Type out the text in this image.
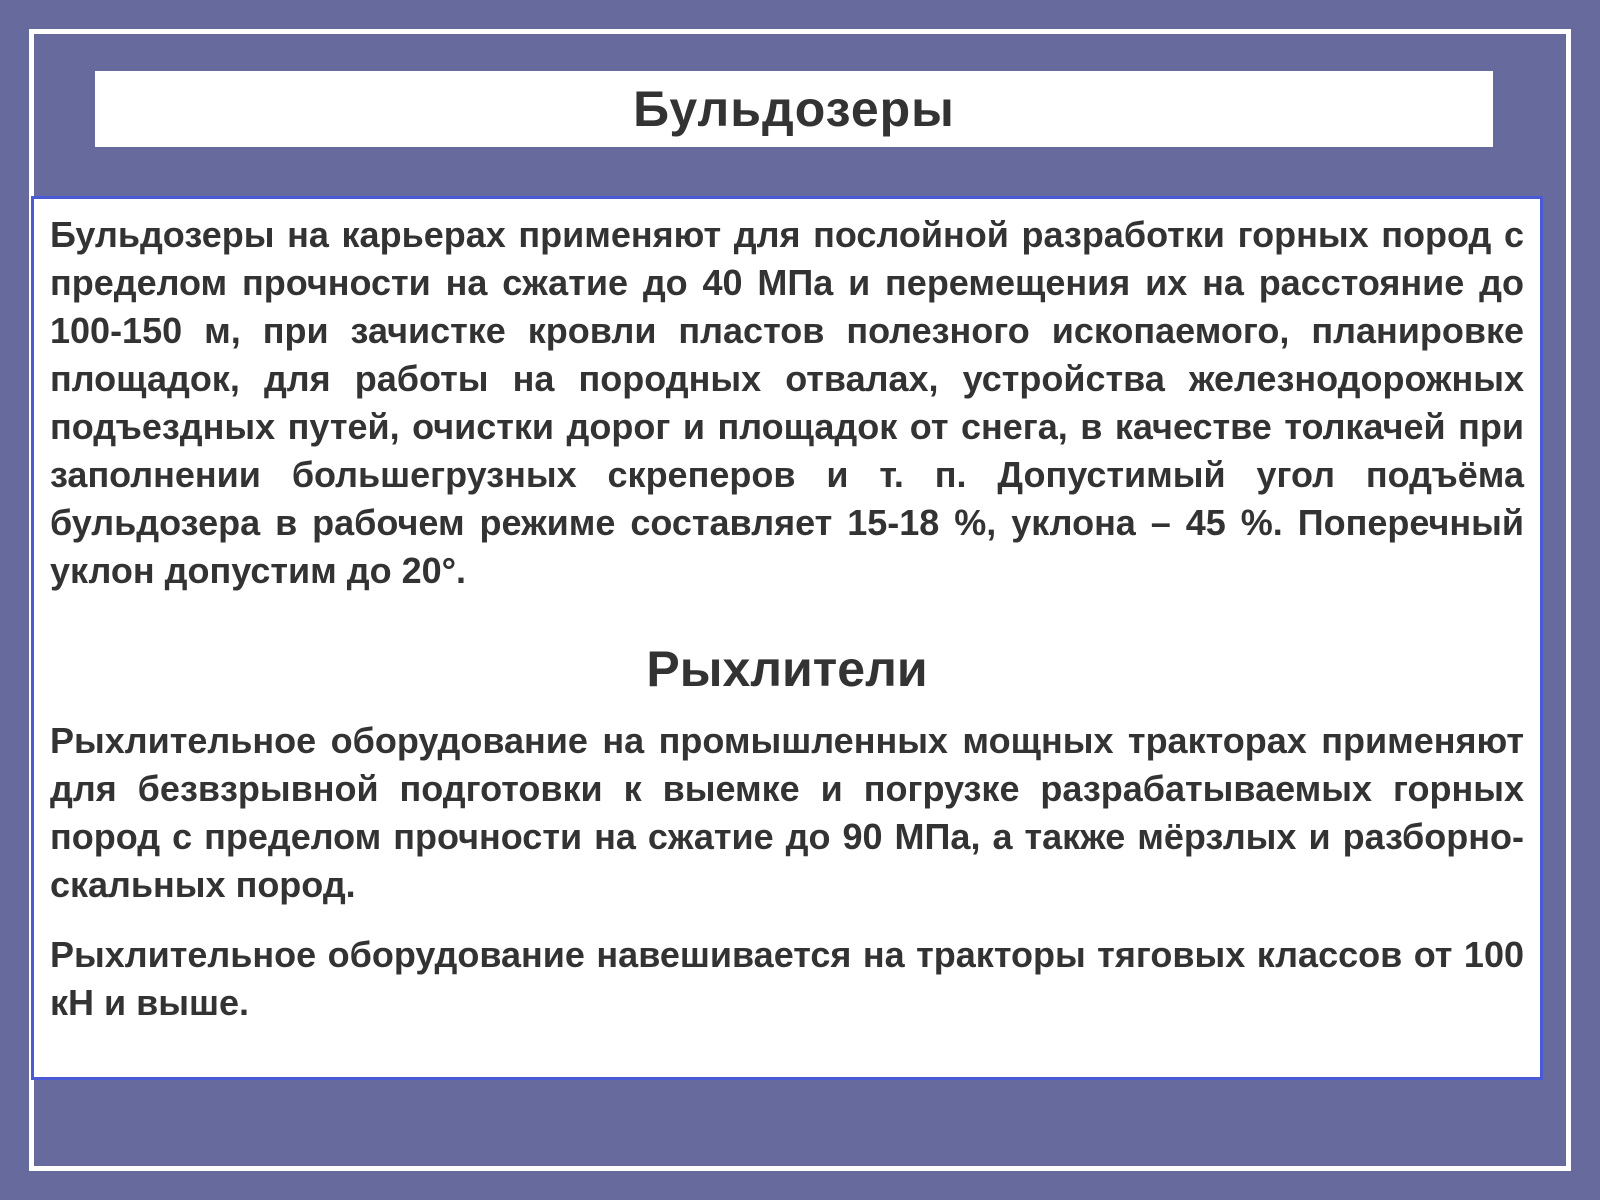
Бульдозеры

Бульдозеры на карьерах применяют для послойной разработки горных пород с пределом прочности на сжатие до 40 МПа и перемещения их на расстояние до 100-150 м, при зачистке кровли пластов полезного ископаемого, планировке площадок, для работы на породных отвалах, устройства железнодорожных подъездных путей, очистки дорог и площадок от снега, в качестве толкачей при заполнении большегрузных скреперов и т. п. Допустимый угол подъёма бульдозера в рабочем режиме составляет 15-18 %, уклона – 45 %. Поперечный уклон допустим до 20°.

Рыхлители

Рыхлительное оборудование на промышленных мощных тракторах применяют для безвзрывной подготовки к выемке и погрузке разрабатываемых горных пород с пределом прочности на сжатие до 90 МПа, а также мёрзлых и разборно-скальных пород.

Рыхлительное оборудование навешивается на тракторы тяговых классов от 100 кН и выше.
